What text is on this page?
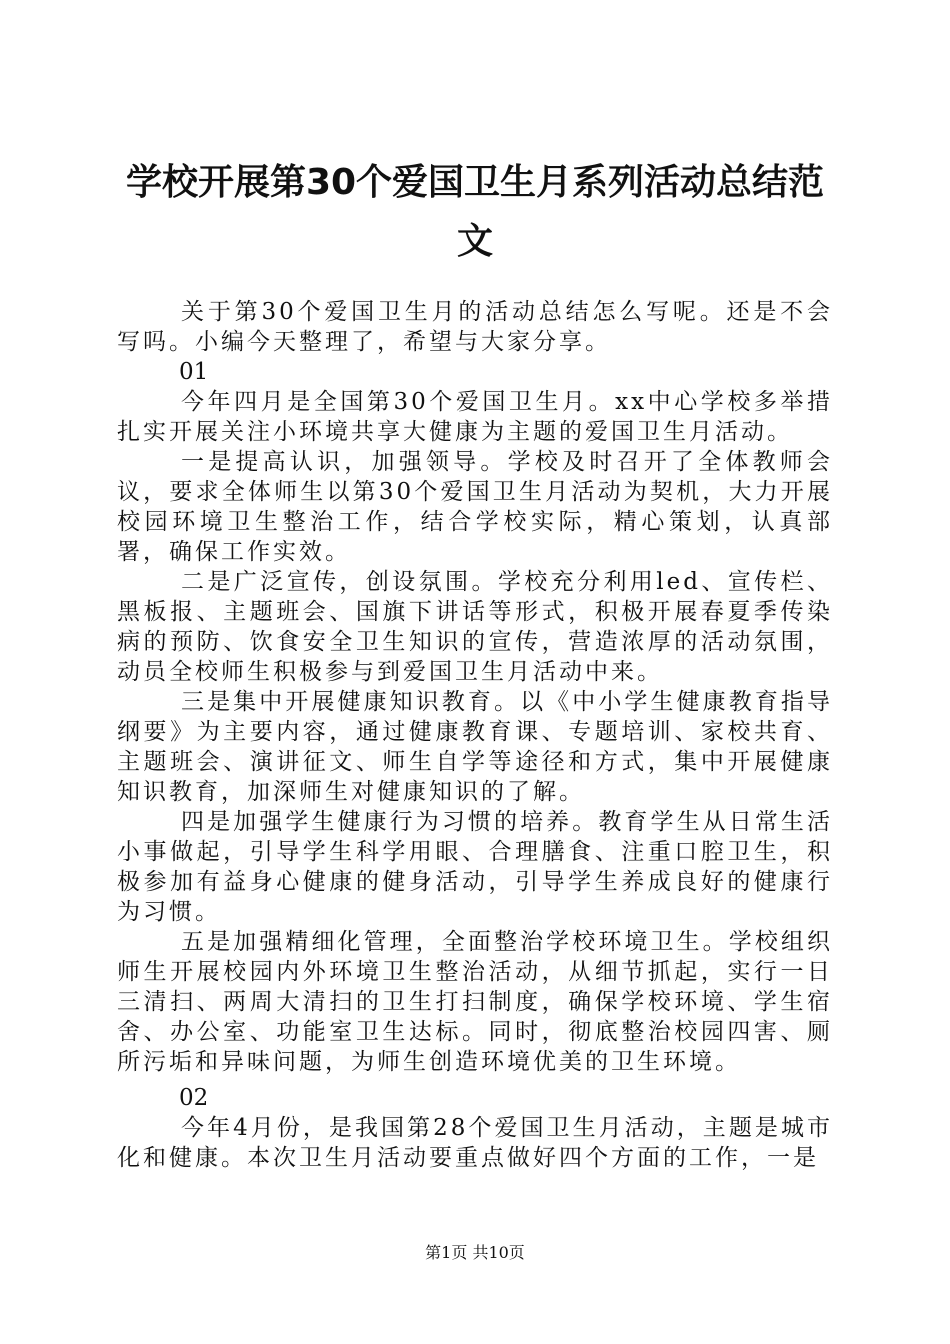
学校开展第30个爱国卫生月系列活动总结范
文

关于第30个爱国卫生月的活动总结怎么写呢。还是不会写吗。小编今天整理了，希望与大家分享。

01

今年四月是全国第30个爱国卫生月。xx中心学校多举措扎实开展关注小环境共享大健康为主题的爱国卫生月活动。

一是提高认识，加强领导。学校及时召开了全体教师会议，要求全体师生以第30个爱国卫生月活动为契机，大力开展校园环境卫生整治工作，结合学校实际，精心策划，认真部署，确保工作实效。

二是广泛宣传，创设氛围。学校充分利用led、宣传栏、黑板报、主题班会、国旗下讲话等形式，积极开展春夏季传染病的预防、饮食安全卫生知识的宣传，营造浓厚的活动氛围，动员全校师生积极参与到爱国卫生月活动中来。

三是集中开展健康知识教育。以《中小学生健康教育指导纲要》为主要内容，通过健康教育课、专题培训、家校共育、主题班会、演讲征文、师生自学等途径和方式，集中开展健康知识教育，加深师生对健康知识的了解。

四是加强学生健康行为习惯的培养。教育学生从日常生活小事做起，引导学生科学用眼、合理膳食、注重口腔卫生，积极参加有益身心健康的健身活动，引导学生养成良好的健康行为习惯。

五是加强精细化管理，全面整治学校环境卫生。学校组织师生开展校园内外环境卫生整治活动，从细节抓起，实行一日三清扫、两周大清扫的卫生打扫制度，确保学校环境、学生宿舍、办公室、功能室卫生达标。同时，彻底整治校园四害、厕所污垢和异味问题，为师生创造环境优美的卫生环境。

02

今年4月份，是我国第28个爱国卫生月活动，主题是城市化和健康。本次卫生月活动要重点做好四个方面的工作，一是

第1页 共10页
